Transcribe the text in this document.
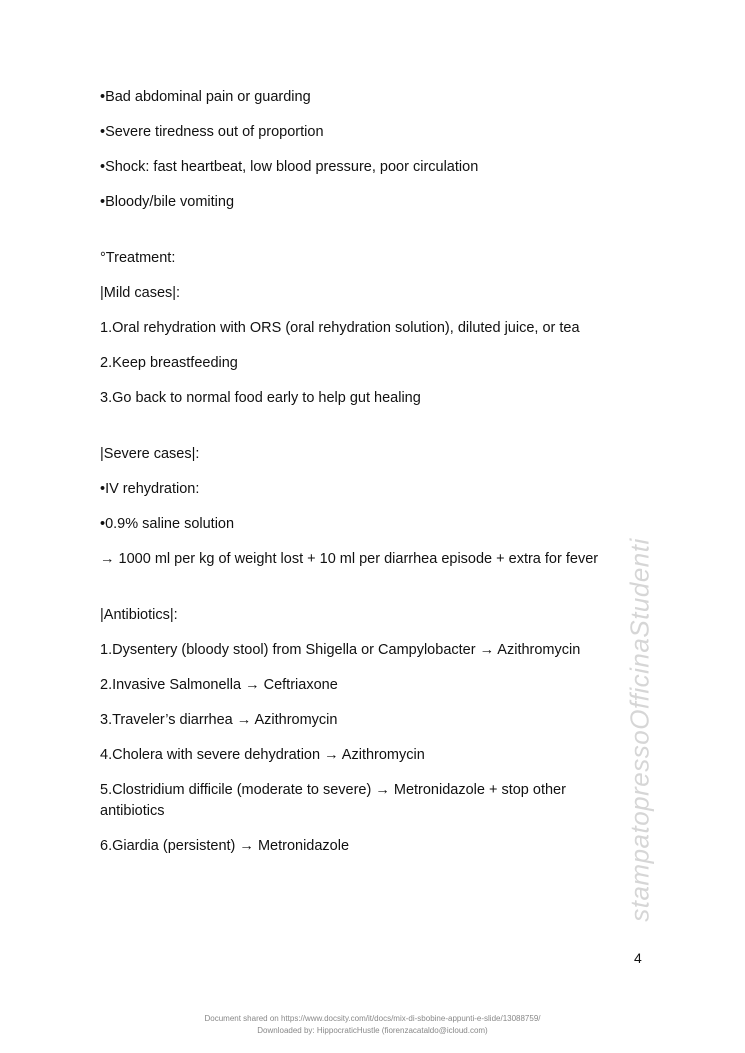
•Bad abdominal pain or guarding

•Severe tiredness out of proportion

•Shock: fast heartbeat, low blood pressure, poor circulation

•Bloody/bile vomiting

°Treatment:

|Mild cases|:

1.Oral rehydration with ORS (oral rehydration solution), diluted juice, or tea

2.Keep breastfeeding

3.Go back to normal food early to help gut healing

|Severe cases|:

•IV rehydration:

•0.9% saline solution

→ 1000 ml per kg of weight lost + 10 ml per diarrhea episode + extra for fever

|Antibiotics|:

1.Dysentery (bloody stool) from Shigella or Campylobacter → Azithromycin

2.Invasive Salmonella → Ceftriaxone

3.Traveler’s diarrhea → Azithromycin

4.Cholera with severe dehydration → Azithromycin

5.Clostridium difficile (moderate to severe) → Metronidazole + stop other antibiotics

6.Giardia (persistent) → Metronidazole	stampatopressoOfficinaStudenti
4
Document shared on https://www.docsity.com/it/docs/mix-di-sbobine-appunti-e-slide/13088759/
Downloaded by: HippocraticHustle (fiorenzacataldo@icloud.com)
